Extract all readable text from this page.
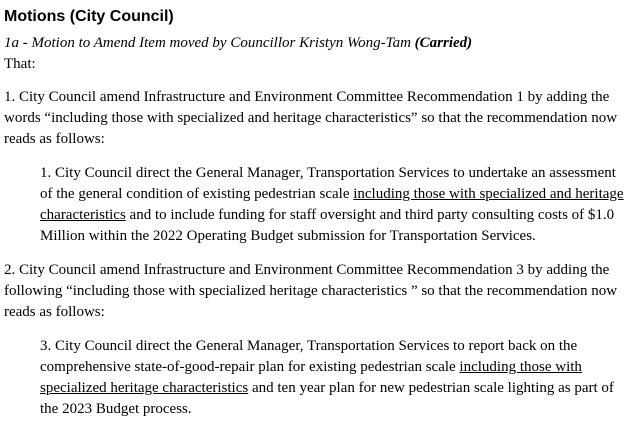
Motions (City Council)

1a - Motion to Amend Item moved by Councillor Kristyn Wong-Tam (Carried)

That:

1. City Council amend Infrastructure and Environment Committee Recommendation 1 by adding the words “including those with specialized and heritage characteristics” so that the recommendation now reads as follows:

1. City Council direct the General Manager, Transportation Services to undertake an assessment of the general condition of existing pedestrian scale including those with specialized and heritage characteristics and to include funding for staff oversight and third party consulting costs of $1.0 Million within the 2022 Operating Budget submission for Transportation Services.

2. City Council amend Infrastructure and Environment Committee Recommendation 3 by adding the following “including those with specialized heritage characteristics ” so that the recommendation now reads as follows:

3. City Council direct the General Manager, Transportation Services to report back on the comprehensive state-of-good-repair plan for existing pedestrian scale including those with specialized heritage characteristics and ten year plan for new pedestrian scale lighting as part of the 2023 Budget process.
